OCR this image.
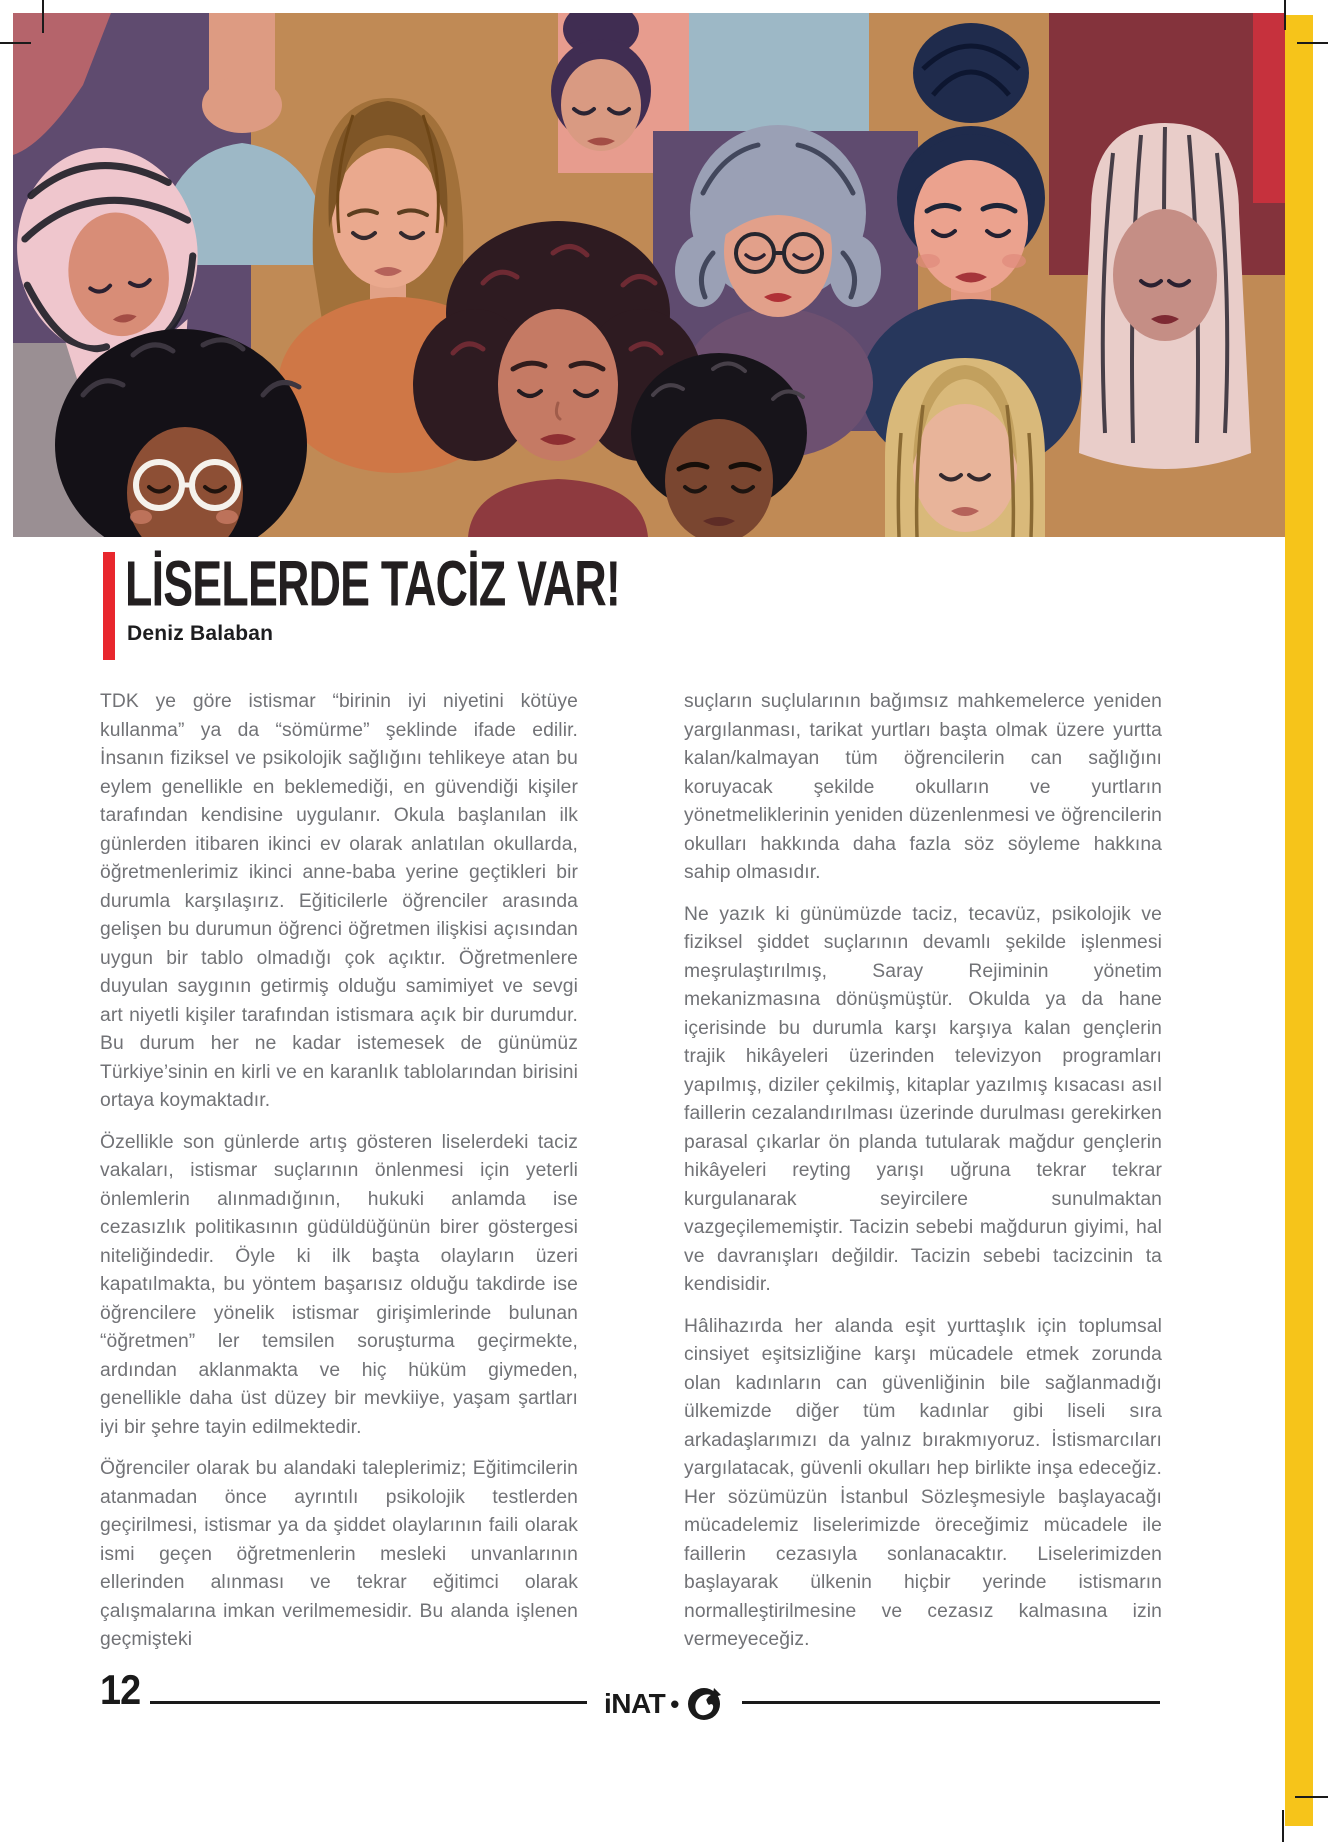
LİSELERDE TACİZ VAR!
Deniz Balaban

TDK ye göre istismar “birinin iyi niyetini kötüye kullanma” ya da “sömürme” şeklinde ifade edilir. İnsanın fiziksel ve psikolojik sağlığını tehlikeye atan bu eylem genellikle en beklemediği, en güvendiği kişiler tarafından kendisine uygulanır. Okula başlanılan ilk günlerden itibaren ikinci ev olarak anlatılan okullarda, öğretmenlerimiz ikinci anne-baba yerine geçtikleri bir durumla karşılaşırız. Eğiticilerle öğrenciler arasında gelişen bu durumun öğrenci öğretmen ilişkisi açısından uygun bir tablo olmadığı çok açıktır. Öğretmenlere duyulan saygının getirmiş olduğu samimiyet ve sevgi art niyetli kişiler tarafından istismara açık bir durumdur. Bu durum her ne kadar istemesek de günümüz Türkiye’sinin en kirli ve en karanlık tablolarından birisini ortaya koymaktadır.

Özellikle son günlerde artış gösteren liselerdeki taciz vakaları, istismar suçlarının önlenmesi için yeterli önlemlerin alınmadığının, hukuki anlamda ise cezasızlık politikasının güdüldüğünün birer göstergesi niteliğindedir. Öyle ki ilk başta olayların üzeri kapatılmakta, bu yöntem başarısız olduğu takdirde ise öğrencilere yönelik istismar girişimlerinde bulunan “öğretmen” ler temsilen soruşturma geçirmekte, ardından aklanmakta ve hiç hüküm giymeden, genellikle daha üst düzey bir mevkiiye, yaşam şartları iyi bir şehre tayin edilmektedir.

Öğrenciler olarak bu alandaki taleplerimiz; Eğitimcilerin atanmadan önce ayrıntılı psikolojik testlerden geçirilmesi, istismar ya da şiddet olaylarının faili olarak ismi geçen öğretmenlerin mesleki unvanlarının ellerinden alınması ve tekrar eğitimci olarak çalışmalarına imkan verilmemesidir. Bu alanda işlenen geçmişteki

suçların suçlularının bağımsız mahkemelerce yeniden yargılanması, tarikat yurtları başta olmak üzere yurtta kalan/kalmayan tüm öğrencilerin can sağlığını koruyacak şekilde okulların ve yurtların yönetmeliklerinin yeniden düzenlenmesi ve öğrencilerin okulları hakkında daha fazla söz söyleme hakkına sahip olmasıdır.

Ne yazık ki günümüzde taciz, tecavüz, psikolojik ve fiziksel şiddet suçlarının devamlı şekilde işlenmesi meşrulaştırılmış, Saray Rejiminin yönetim mekanizmasına dönüşmüştür. Okulda ya da hane içerisinde bu durumla karşı karşıya kalan gençlerin trajik hikâyeleri üzerinden televizyon programları yapılmış, diziler çekilmiş, kitaplar yazılmış kısacası asıl faillerin cezalandırılması üzerinde durulması gerekirken parasal çıkarlar ön planda tutularak mağdur gençlerin hikâyeleri reyting yarışı uğruna tekrar tekrar kurgulanarak seyircilere sunulmaktan vazgeçilememiştir. Tacizin sebebi mağdurun giyimi, hal ve davranışları değildir. Tacizin sebebi tacizcinin ta kendisidir.

Hâlihazırda her alanda eşit yurttaşlık için toplumsal cinsiyet eşitsizliğine karşı mücadele etmek zorunda olan kadınların can güvenliğinin bile sağlanmadığı ülkemizde diğer tüm kadınlar gibi liseli sıra arkadaşlarımızı da yalnız bırakmıyoruz. İstismarcıları yargılatacak, güvenli okulları hep birlikte inşa edeceğiz. Her sözümüzün İstanbul Sözleşmesiyle başlayacağı mücadelemiz liselerimizde öreceğimiz mücadele ile faillerin cezasıyla sonlanacaktır. Liselerimizden başlayarak ülkenin hiçbir yerinde istismarın normalleştirilmesine ve cezasız kalmasına izin vermeyeceğiz.

12	iNAT •
